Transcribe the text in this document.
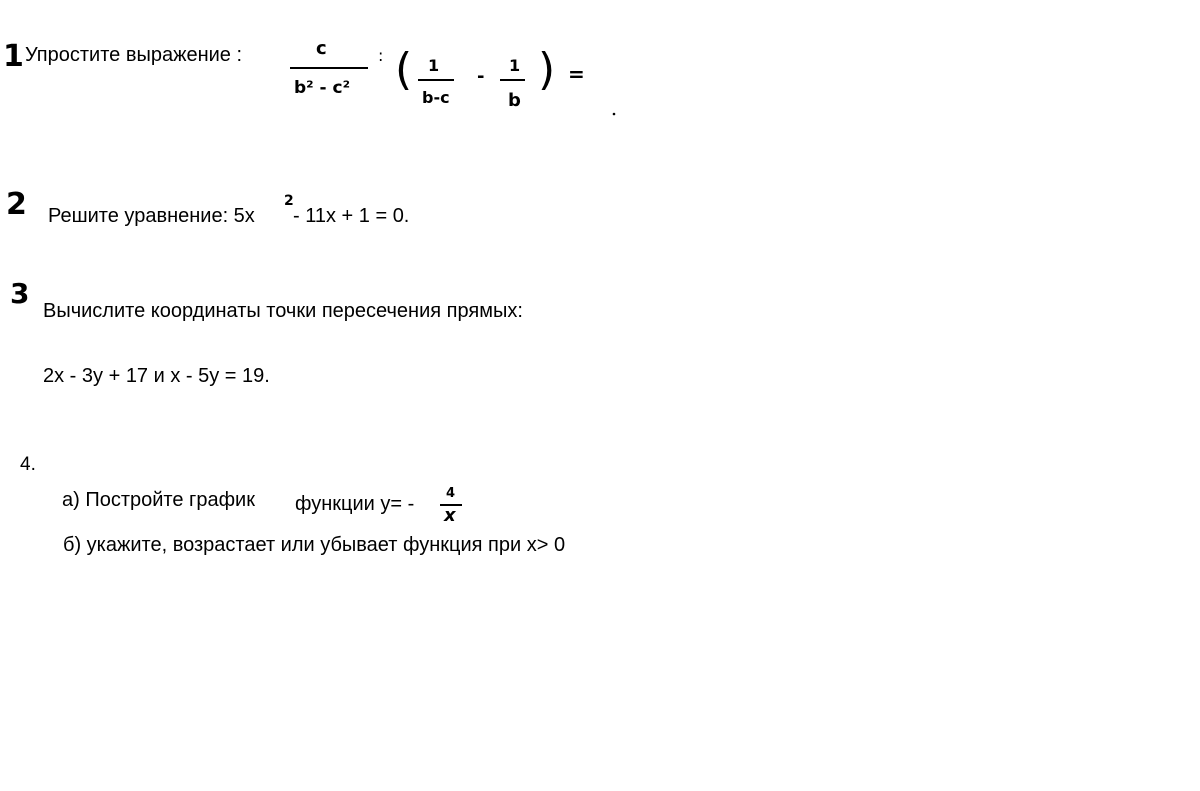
1 Упростите выражение :	c
b² - c²
: ( 1
b-c
-
1
b
) =
2 Решите уравнение: 5x
2
- 11x + 1 = 0.
3
Вычислите координаты точки пересечения прямых:
2x - 3y + 17 и x - 5y = 19.
4.
а) Постройте график функции y= - 4
x
б) укажите, возрастает или убывает функция при x> 0
